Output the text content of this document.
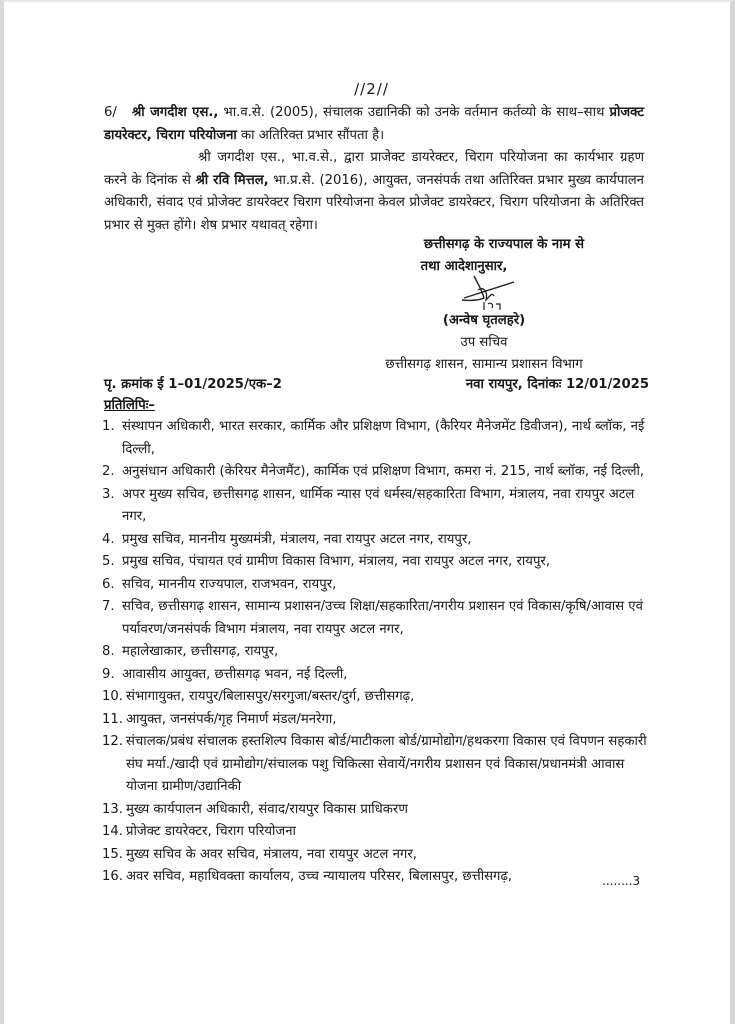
//2//
6/ श्री जगदीश एस., भा.व.से. (2005), संचालक उद्यानिकी को उनके वर्तमान कर्तव्यो के साथ–साथ प्रोजक्ट डायरेक्टर, चिराग परियोजना का अतिरिक्त प्रभार सौंपता है।
श्री जगदीश एस., भा.व.से., द्वारा प्राजेक्ट डायरेक्टर, चिराग परियोजना का कार्यभार ग्रहण करने के दिनांक से श्री रवि मित्तल, भा.प्र.से. (2016), आयुक्त, जनसंपर्क तथा अतिरिक्त प्रभार मुख्य कार्यपालन अधिकारी, संवाद एवं प्रोजेक्ट डायरेक्टर चिराग परियोजना केवल प्रोजेक्ट डायरेक्टर, चिराग परियोजना के अतिरिक्त प्रभार से मुक्त होंगे। शेष प्रभार यथावत् रहेगा।
छत्तीसगढ़ के राज्यपाल के नाम से
तथा आदेशानुसार,
(अन्वेष घृतलहरे)
उप सचिव
छत्तीसगढ़ शासन, सामान्य प्रशासन विभाग
पृ. क्रमांक ई 1–01/2025/एक–2	नवा रायपुर, दिनांकः 12/01/2025
प्रतिलिपिः–
1. संस्थापन अधिकारी, भारत सरकार, कार्मिक और प्रशिक्षण विभाग, (कैरियर मैनेजमेंट डिवीजन), नार्थ ब्लॉक, नई दिल्ली,
2. अनुसंधान अधिकारी (केरियर मैनेजमैंट), कार्मिक एवं प्रशिक्षण विभाग, कमरा नं. 215, नार्थ ब्लॉक, नई दिल्ली,
3. अपर मुख्य सचिव, छत्तीसगढ़ शासन, धार्मिक न्यास एवं धर्मस्व/सहकारिता विभाग, मंत्रालय, नवा रायपुर अटल नगर,
4. प्रमुख सचिव, माननीय मुख्यमंत्री, मंत्रालय, नवा रायपुर अटल नगर, रायपुर,
5. प्रमुख सचिव, पंचायत एवं ग्रामीण विकास विभाग, मंत्रालय, नवा रायपुर अटल नगर, रायपुर,
6. सचिव, माननीय राज्यपाल, राजभवन, रायपुर,
7. सचिव, छत्तीसगढ़ शासन, सामान्य प्रशासन/उच्च शिक्षा/सहकारिता/नगरीय प्रशासन एवं विकास/कृषि/आवास एवं पर्यावरण/जनसंपर्क विभाग मंत्रालय, नवा रायपुर अटल नगर,
8. महालेखाकार, छत्तीसगढ़, रायपुर,
9. आवासीय आयुक्त, छत्तीसगढ़ भवन, नई दिल्ली,
10. संभागायुक्त, रायपुर/बिलासपुर/सरगुजा/बस्तर/दुर्ग, छत्तीसगढ़,
11. आयुक्त, जनसंपर्क/गृह निमार्ण मंडल/मनरेगा,
12. संचालक/प्रबंध संचालक हस्तशिल्प विकास बोर्ड/माटीकला बोर्ड/ग्रामोद्योग/हथकरगा विकास एवं विपणन सहकारी संघ मर्या./खादी एवं ग्रामोद्योग/संचालक पशु चिकित्सा सेवायें/नगरीय प्रशासन एवं विकास/प्रधानमंत्री आवास योजना ग्रामीण/उद्यानिकी
13. मुख्य कार्यपालन अधिकारी, संवाद/रायपुर विकास प्राधिकरण
14. प्रोजेक्ट डायरेक्टर, चिराग परियोजना
15. मुख्य सचिव के अवर सचिव, मंत्रालय, नवा रायपुर अटल नगर,
16. अवर सचिव, महाधिवक्ता कार्यालय, उच्च न्यायालय परिसर, बिलासपुर, छत्तीसगढ़,	........3
